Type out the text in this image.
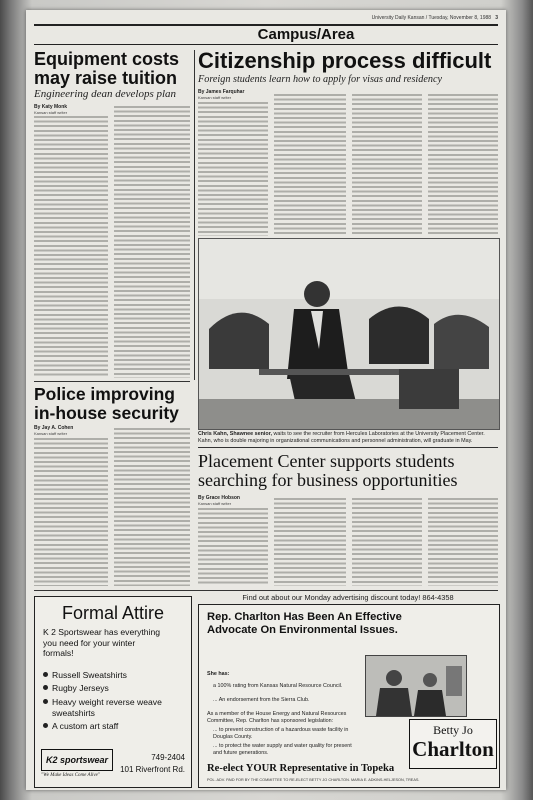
University Daily Kansan / Tuesday, November 8, 1988 3
Campus/Area
Equipment costs may raise tuition
Engineering dean develops plan
By Katy Monk
Kansan staff writer
Police improving in-house security
By Jay A. Cohen
Kansan staff writer
Citizenship process difficult
Foreign students learn how to apply for visas and residency
By James Farquhar
Kansan staff writer
Chris Kahn, Shawnee senior, waits to see the recruiter from Hercules Laboratories at the University Placement Center. Kahn, who is double majoring in organizational communications and personnel administration, will graduate in May.
Placement Center supports students searching for business opportunities
By Grace Hobson
Kansan staff writer
Find out about our Monday advertising discount today! 864-4358
Formal Attire
K 2 Sportswear has everything you need for your winter formals!
Russell Sweatshirts
Rugby Jerseys
Heavy weight reverse weave sweatshirts
A custom art staff
K2 sportswear
"We Make Ideas Come Alive"
749-2404
101 Riverfront Rd.
Rep. Charlton Has Been An Effective Advocate On Environmental Issues.
She has:
a 100% rating from Kansas Natural Resource Council.
... An endorsement from the Sierra Club.
As a member of the House Energy and Natural Resources Committee, Rep. Charlton has sponsored legislation:
... to prevent construction of a hazardous waste facility in Douglas County.
... to protect the water supply and water quality for present and future generations.
Betty Jo
Charlton
Re-elect YOUR Representative in Topeka
POL. ADV. PAID FOR BY THE COMMITTEE TO RE-ELECT BETTY JO CHARLTON. MARIA E. ADKINS-HELJESON, TREAS.
